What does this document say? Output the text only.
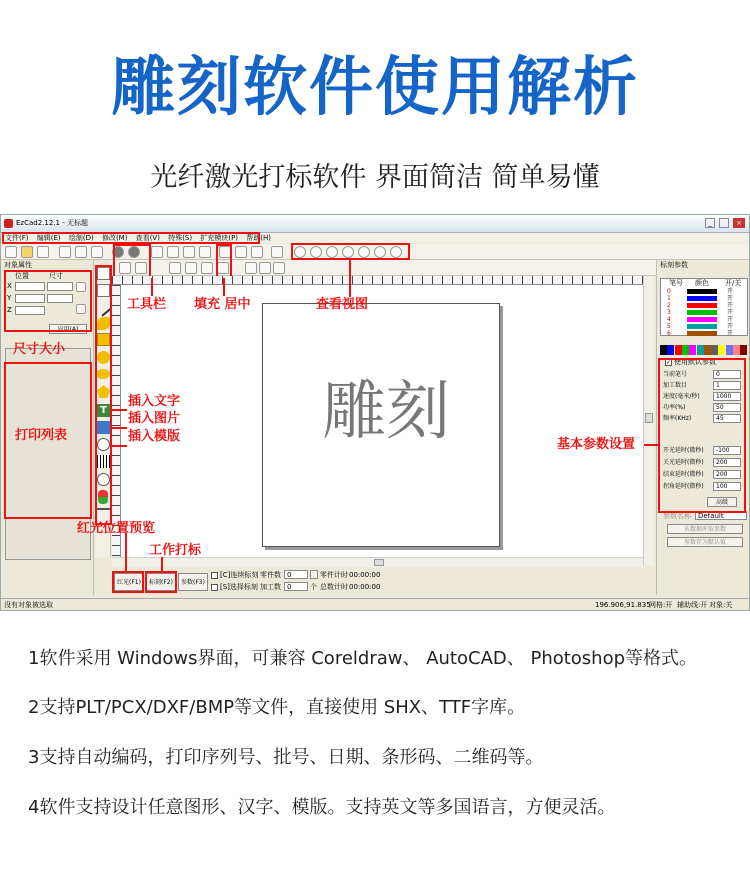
雕刻软件使用解析
光纤激光打标软件 界面简洁 简单易懂
EzCad2.12.1 - 无标题	_	×
文件(F) 编辑(E) 绘制(D) 修改(M) 查看(V) 特殊(S) 扩充模块(P) 帮助(H)
对象属性
位置	尺寸
X
Y
Z
应用(A)
T	雕刻
红光(F1)	标刻(F2)	参数(F3)
[C]连续标刻 零件数 0	零件计时 00:00:00
[S]选择标刻 加工数 0	个 总数计时 00:00:00
标刻参数
笔号 颜色 开/关
0	开
1	开
2	开
3	开
4	开
5	开
6	开
✓ 使用默认参数
当前笔号	0
加工数目	1
速度(毫米/秒)	1000
功率(%)	50
频率(KHz)	45
开光延时(微秒)	-100
关光延时(微秒)	200
结束延时(微秒)	200
拐角延时(微秒)	100
高级
参数名称	Default
从数据库取参数
参数存为默认值
没有对象被选取	196.906,91.835
网格:开 辅助线:开 对象:关
工具栏 填充 居中	查看视图
尺寸大小
打印列表
插入文字
插入图片
插入模版
基本参数设置
红光位置预览
工作打标

1软件采用 Windows界面，可兼容 Coreldraw、 AutoCAD、 Photoshop等格式。

2支持PLT/PCX/DXF/BMP等文件，直接使用 SHX、TTF字库。

3支持自动编码，打印序列号、批号、日期、条形码、二维码等。

4软件支持设计任意图形、汉字、模版。支持英文等多国语言，方便灵活。
